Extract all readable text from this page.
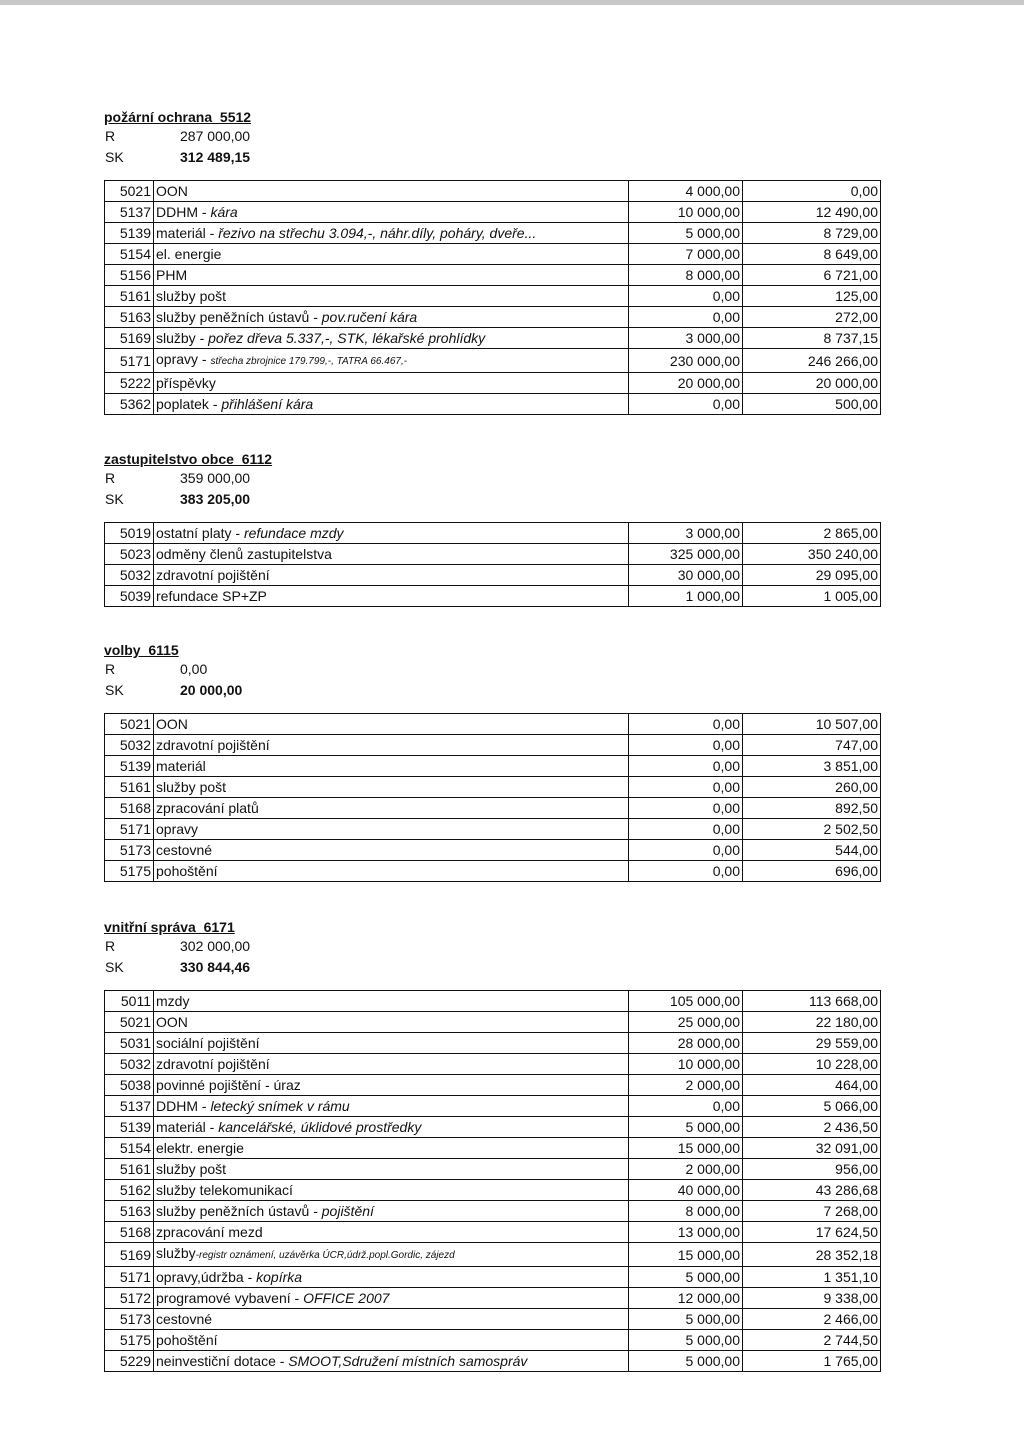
požární ochrana  5512
R	287 000,00
SK	312 489,15
5021	OON	4 000,00	0,00
5137	DDHM - kára	10 000,00	12 490,00
5139	materiál - řezivo na střechu 3.094,-, náhr.díly, poháry, dveře...	5 000,00	8 729,00
5154	el. energie	7 000,00	8 649,00
5156	PHM	8 000,00	6 721,00
5161	služby pošt	0,00	125,00
5163	služby peněžních ústavů - pov.ručení kára	0,00	272,00
5169	služby - pořez dřeva 5.337,-, STK, lékařské prohlídky	3 000,00	8 737,15
5171	opravy - střecha zbrojnice 179.799,-, TATRA 66.467,-	230 000,00	246 266,00
5222	příspěvky	20 000,00	20 000,00
5362	poplatek - přihlášení kára	0,00	500,00
zastupitelstvo obce  6112
R	359 000,00
SK	383 205,00
5019	ostatní platy - refundace mzdy	3 000,00	2 865,00
5023	odměny členů zastupitelstva	325 000,00	350 240,00
5032	zdravotní pojištění	30 000,00	29 095,00
5039	refundace SP+ZP	1 000,00	1 005,00
volby  6115
R	0,00
SK	20 000,00
5021	OON	0,00	10 507,00
5032	zdravotní pojištění	0,00	747,00
5139	materiál	0,00	3 851,00
5161	služby pošt	0,00	260,00
5168	zpracování platů	0,00	892,50
5171	opravy	0,00	2 502,50
5173	cestovné	0,00	544,00
5175	pohoštění	0,00	696,00
vnitřní správa  6171
R	302 000,00
SK	330 844,46
5011	mzdy	105 000,00	113 668,00
5021	OON	25 000,00	22 180,00
5031	sociální pojištění	28 000,00	29 559,00
5032	zdravotní pojištění	10 000,00	10 228,00
5038	povinné pojištění - úraz	2 000,00	464,00
5137	DDHM - letecký snímek v rámu	0,00	5 066,00
5139	materiál - kancelářské, úklidové prostředky	5 000,00	2 436,50
5154	elektr. energie	15 000,00	32 091,00
5161	služby pošt	2 000,00	956,00
5162	služby telekomunikací	40 000,00	43 286,68
5163	služby peněžních ústavů - pojištění	8 000,00	7 268,00
5168	zpracování mezd	13 000,00	17 624,50
5169	služby-registr oznámení, uzávěrka ÚCR,údrž.popl.Gordic, zájezd	15 000,00	28 352,18
5171	opravy,údržba - kopírka	5 000,00	1 351,10
5172	programové vybavení - OFFICE 2007	12 000,00	9 338,00
5173	cestovné	5 000,00	2 466,00
5175	pohoštění	5 000,00	2 744,50
5229	neinvestiční dotace - SMOOT,Sdružení místních samospráv	5 000,00	1 765,00
